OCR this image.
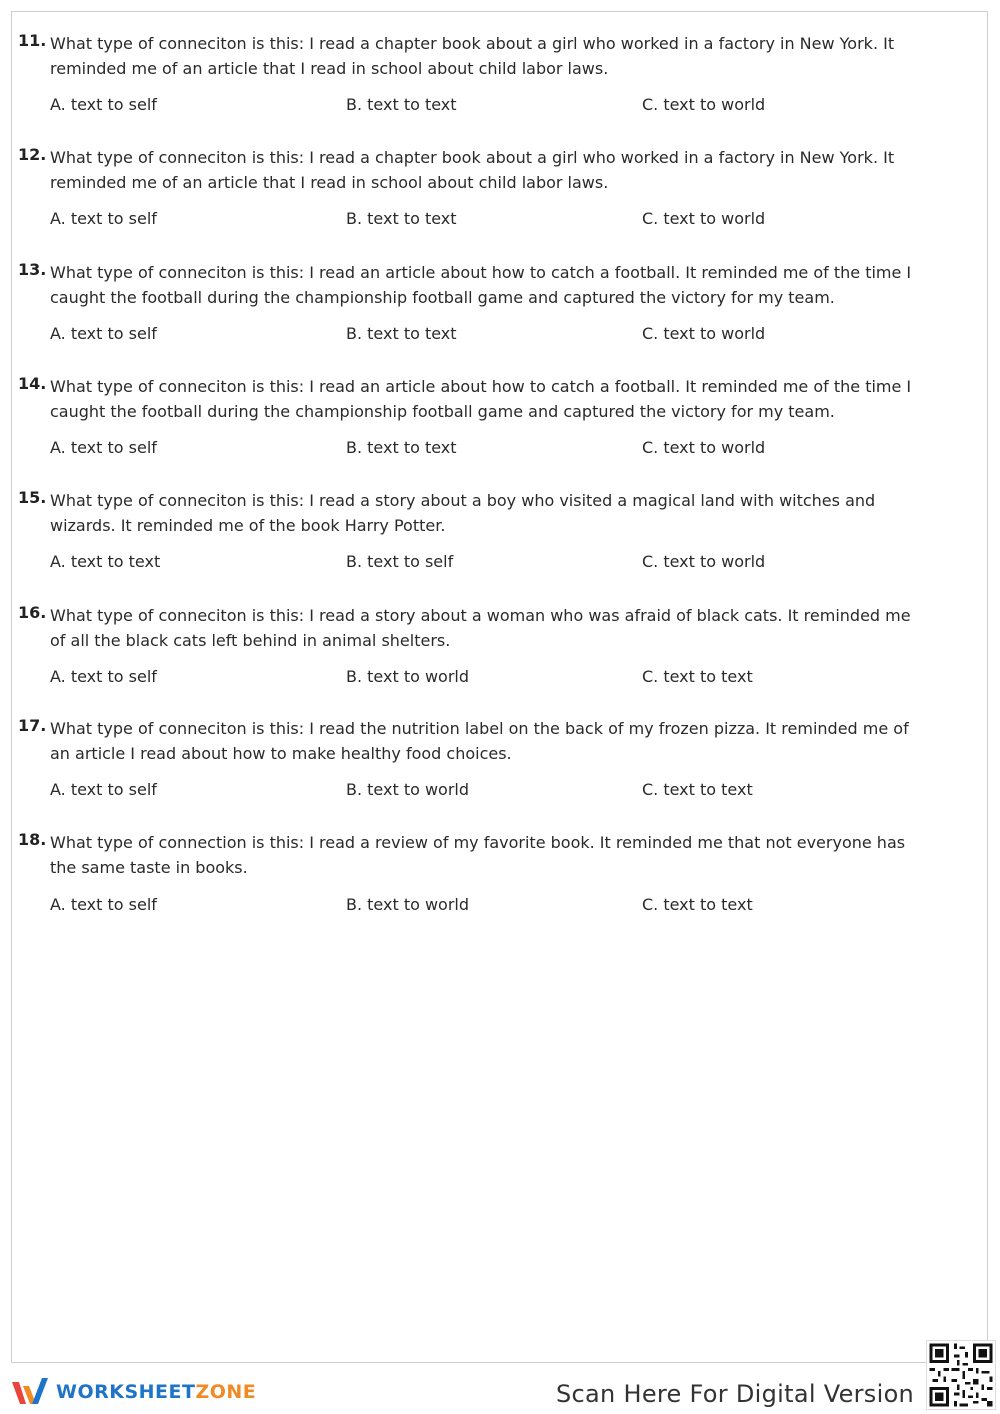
11. What type of conneciton is this: I read a chapter book about a girl who worked in a factory in New York. It reminded me of an article that I read in school about child labor laws.
A. text to self	B. text to text	C. text to world
12. What type of conneciton is this: I read a chapter book about a girl who worked in a factory in New York. It reminded me of an article that I read in school about child labor laws.
A. text to self	B. text to text	C. text to world
13. What type of conneciton is this: I read an article about how to catch a football. It reminded me of the time I caught the football during the championship football game and captured the victory for my team.
A. text to self	B. text to text	C. text to world
14. What type of conneciton is this: I read an article about how to catch a football. It reminded me of the time I caught the football during the championship football game and captured the victory for my team.
A. text to self	B. text to text	C. text to world
15. What type of conneciton is this: I read a story about a boy who visited a magical land with witches and wizards. It reminded me of the book Harry Potter.
A. text to text	B. text to self	C. text to world
16. What type of conneciton is this: I read a story about a woman who was afraid of black cats. It reminded me of all the black cats left behind in animal shelters.
A. text to self	B. text to world	C. text to text
17. What type of conneciton is this: I read the nutrition label on the back of my frozen pizza. It reminded me of an article I read about how to make healthy food choices.
A. text to self	B. text to world	C. text to text
18. What type of connection is this: I read a review of my favorite book. It reminded me that not everyone has the same taste in books.
A. text to self	B. text to world	C. text to text
WORKSHEETZONE	Scan Here For Digital Version
